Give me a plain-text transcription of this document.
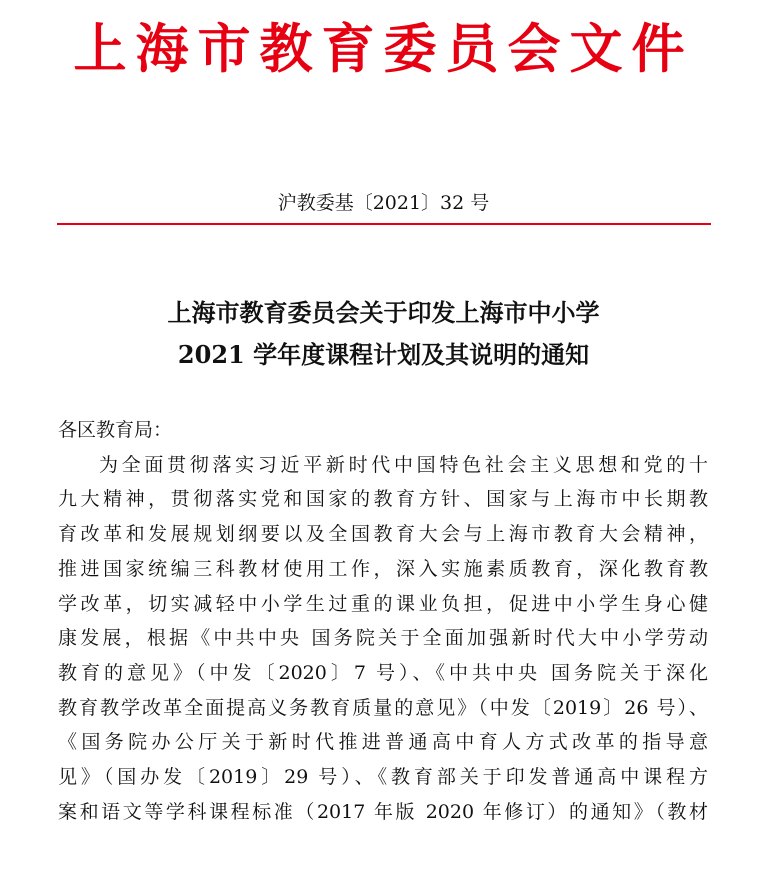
上海市教育委员会文件
沪教委基〔2021〕32 号
上海市教育委员会关于印发上海市中小学
2021 学年度课程计划及其说明的通知
各区教育局：
为全面贯彻落实习近平新时代中国特色社会主义思想和党的十
九大精神，贯彻落实党和国家的教育方针、国家与上海市中长期教
育改革和发展规划纲要以及全国教育大会与上海市教育大会精神，
推进国家统编三科教材使用工作，深入实施素质教育，深化教育教
学改革，切实减轻中小学生过重的课业负担，促进中小学生身心健
康发展，根据《中共中央 国务院关于全面加强新时代大中小学劳动
教育的意见》（中发〔2020〕7 号）、《中共中央 国务院关于深化
教育教学改革全面提高义务教育质量的意见》（中发〔2019〕26 号）、
《国务院办公厅关于新时代推进普通高中育人方式改革的指导意
见》（国办发〔2019〕29 号）、《教育部关于印发普通高中课程方
案和语文等学科课程标准（2017 年版 2020 年修订）的通知》（教材
